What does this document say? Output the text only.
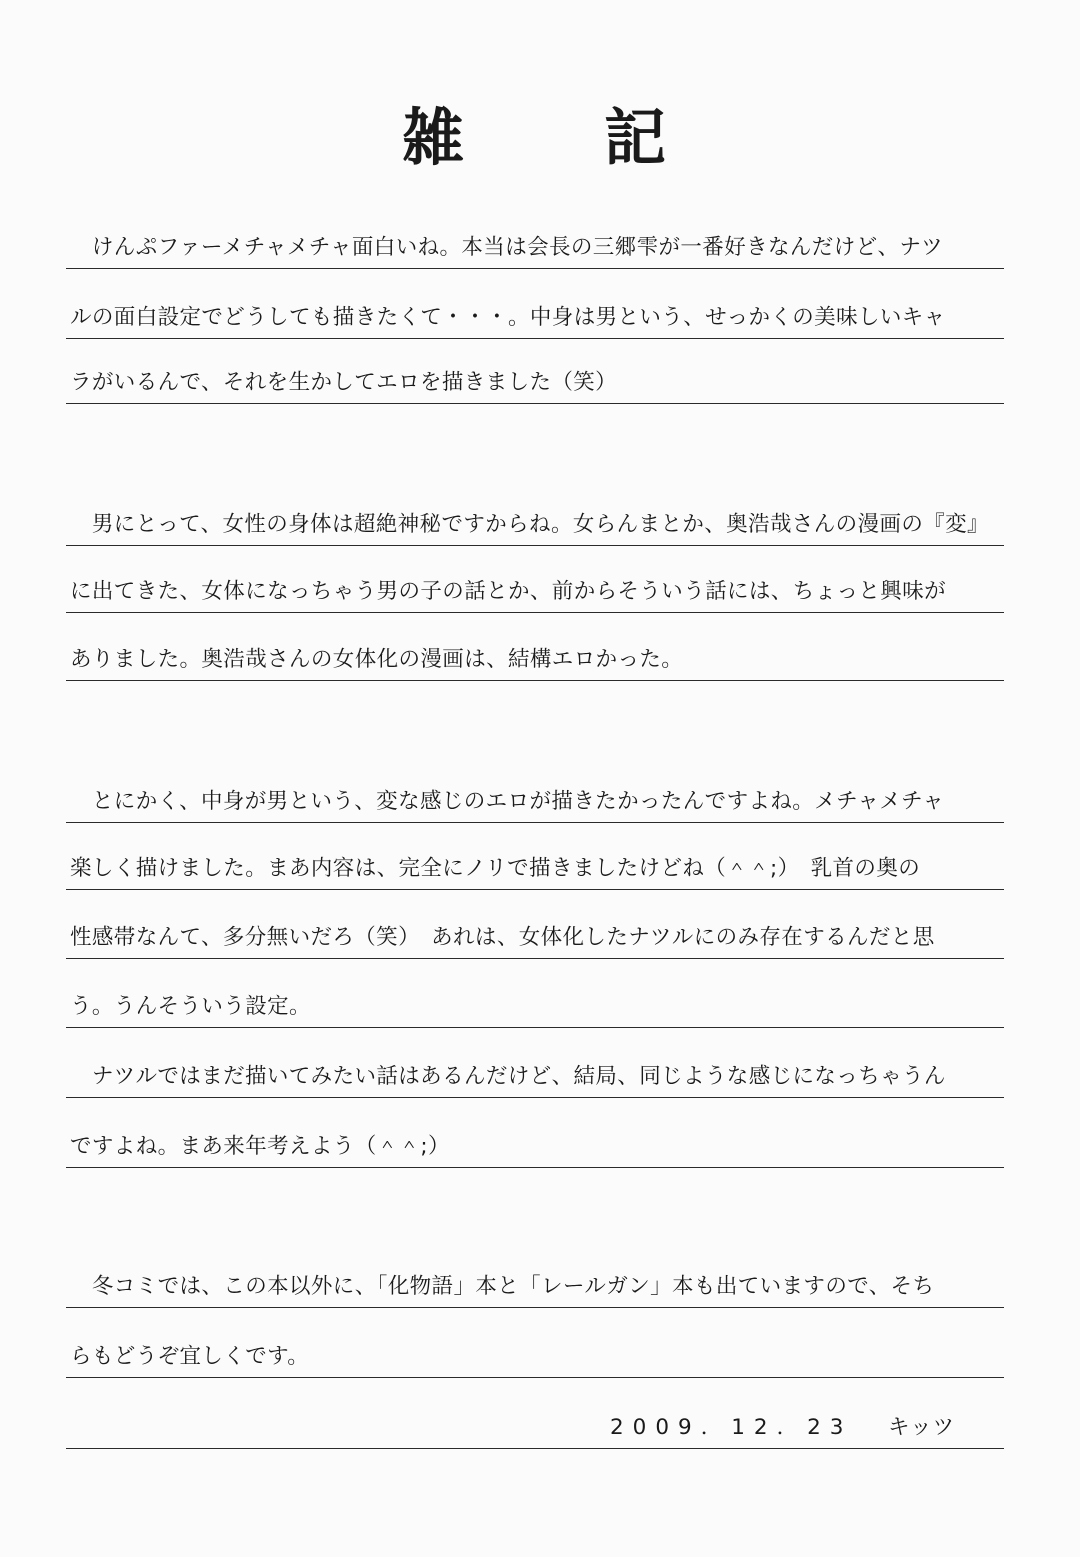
雑 記
　けんぷファーメチャメチャ面白いね。本当は会長の三郷雫が一番好きなんだけど、ナツ
ルの面白設定でどうしても描きたくて・・・。中身は男という、せっかくの美味しいキャ
ラがいるんで、それを生かしてエロを描きました（笑）
　男にとって、女性の身体は超絶神秘ですからね。女らんまとか、奥浩哉さんの漫画の『変』
に出てきた、女体になっちゃう男の子の話とか、前からそういう話には、ちょっと興味が
ありました。奥浩哉さんの女体化の漫画は、結構エロかった。
　とにかく、中身が男という、変な感じのエロが描きたかったんですよね。メチャメチャ
楽しく描けました。まあ内容は、完全にノリで描きましたけどね（＾＾;）　乳首の奥の
性感帯なんて、多分無いだろ（笑）　あれは、女体化したナツルにのみ存在するんだと思
う。うんそういう設定。
　ナツルではまだ描いてみたい話はあるんだけど、結局、同じような感じになっちゃうん
ですよね。まあ来年考えよう（＾＾;）
　冬コミでは、この本以外に、「化物語」本と「レールガン」本も出ていますので、そち
らもどうぞ宜しくです。
2009．12．23 キッツ
